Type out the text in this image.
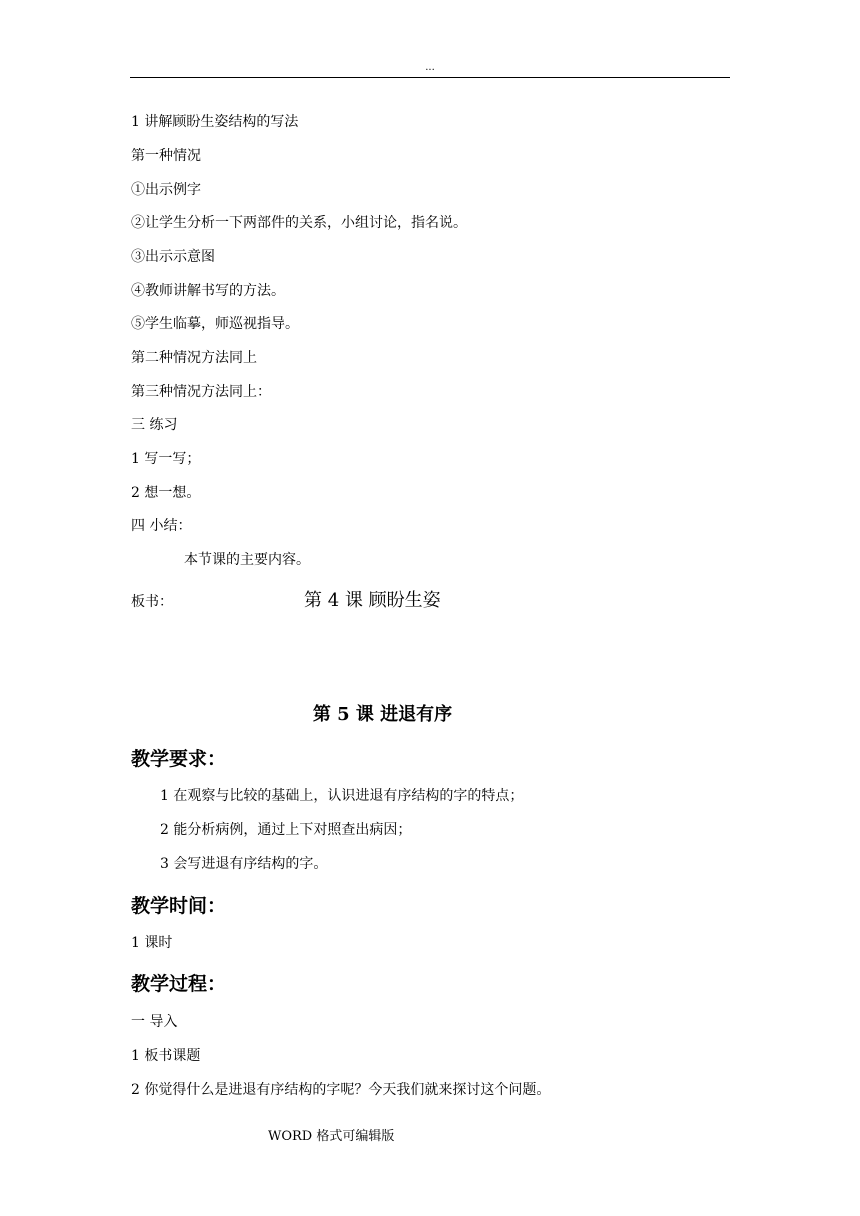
...
1 讲解顾盼生姿结构的写法
第一种情况
①出示例字
②让学生分析一下两部件的关系，小组讨论，指名说。
③出示示意图
④教师讲解书写的方法。
⑤学生临摹，师巡视指导。
第二种情况方法同上
第三种情况方法同上：
三 练习
1 写一写；
2 想一想。
四 小结：
本节课的主要内容。
板书：	第 4 课 顾盼生姿
第 5 课 进退有序
教学要求：
1 在观察与比较的基础上，认识进退有序结构的字的特点；
2 能分析病例，通过上下对照查出病因；
3 会写进退有序结构的字。
教学时间：
1 课时
教学过程：
一 导入
1 板书课题
2 你觉得什么是进退有序结构的字呢？今天我们就来探讨这个问题。
WORD 格式可编辑版
